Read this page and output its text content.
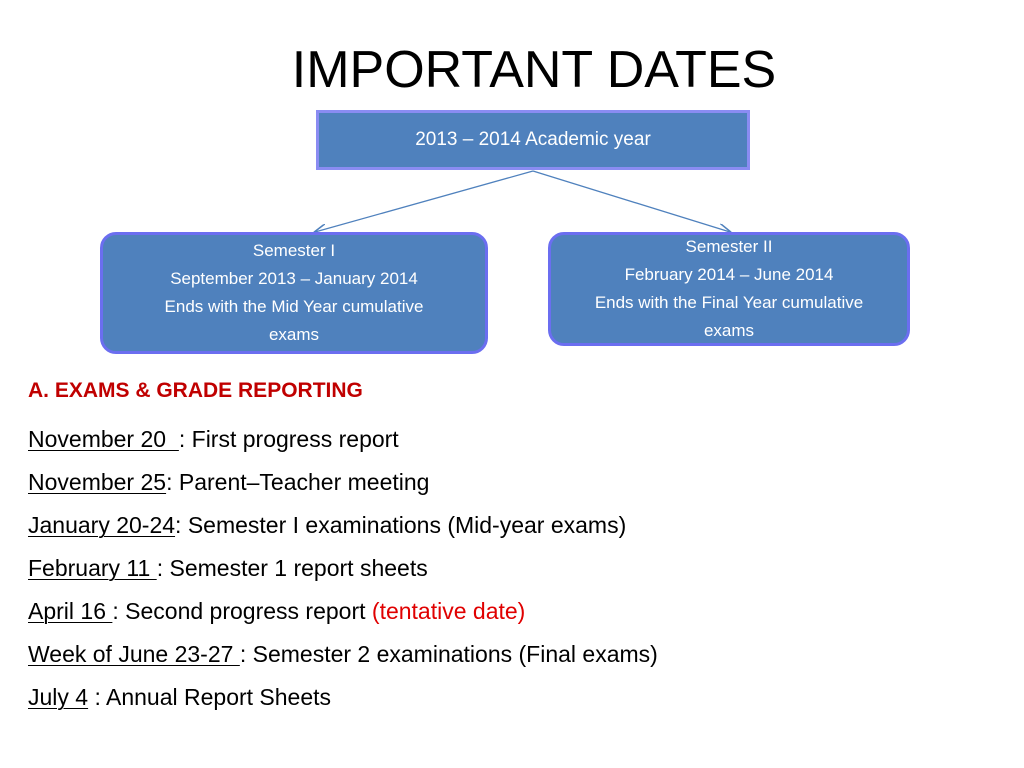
IMPORTANT DATES
2013 – 2014 Academic year
Semester I
September 2013 – January 2014
Ends with the Mid Year cumulative
exams
Semester II
February 2014 – June 2014
Ends with the Final Year cumulative
exams
A. EXAMS & GRADE REPORTING
November 20  : First progress report
November 25: Parent–Teacher meeting
January 20-24: Semester I examinations (Mid-year exams)
February 11 : Semester 1 report sheets
April 16 : Second progress report (tentative date)
Week of June 23-27 : Semester 2 examinations (Final exams)
July 4 : Annual Report Sheets
